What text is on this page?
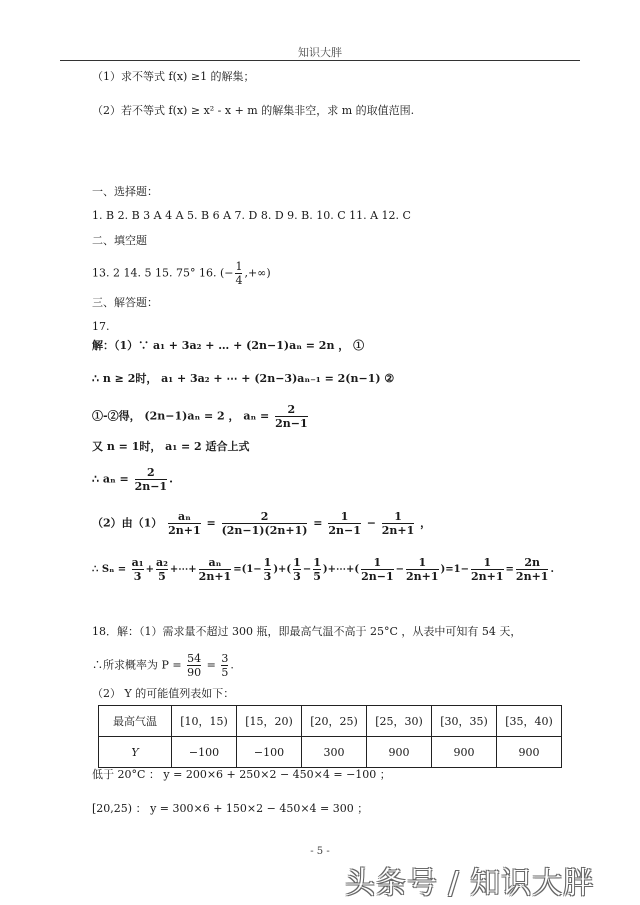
知识大胖
（1）求不等式 f(x) ≥1 的解集；
（2）若不等式 f(x) ≥ x² - x + m 的解集非空，求 m 的取值范围.
一、选择题：
1. B 2. B 3 A 4 A 5. B 6 A 7. D 8. D 9. B. 10. C 11. A 12. C
二、填空题
13. 2 14. 5 15. 75° 16. (− $\frac{1}{4}$ ,+∞)
三、解答题：
17.
解：（1）∵ a₁ + 3a₂ + … + (2n−1)aₙ = 2n ， ①
∴ n ≥ 2时， a₁ + 3a₂ + ⋯ + (2n−3)aₙ₋₁ = 2(n−1) ②
①-②得， (2n−1)aₙ = 2 ， $a_n = \frac{2}{2n-1}$
又 n = 1时， a₁ = 2 适合上式
∴ $a_n = \frac{2}{2n-1}$ .
（2）由$(1) \frac{\text{aₙ}}{2n+1} = \frac{2}{(2n-1)(2n+1)} = \frac{1}{2n-1} - \frac{1}{2n+1}$ ，
∴ $S_n = \frac{\text{a₁}}{3} + \frac{\text{a₂}}{5}$ +⋯+ $\frac{\text{aₙ}}{2n+1} =(1- \frac{1}{3}$ )+( $\frac{1}{3} - \frac{1}{5}$ )+⋯+( $\frac{1}{2n-1} - \frac{1}{2n+1} )=1- \frac{1}{2n+1} = \frac{2n}{2n+1}$ .
18．解：（1）需求量不超过 300 瓶，即最高气温不高于 25°C ，从表中可知有 54 天，
∴所求概率为 $P = \frac{54}{90} = \frac{3}{5}$ .
（2） Y 的可能值列表如下：
最高气温	[10，15)	[15，20)	[20，25)	[25，30)	[30，35)	[35，40)
Y	−100	−100	300	900	900	900
低于 20°C ： y = 200×6 + 250×2 − 450×4 = −100 ；
[20,25) ： y = 300×6 + 150×2 − 450×4 = 300 ；
- 5 -
头条号 / 知识大胖
